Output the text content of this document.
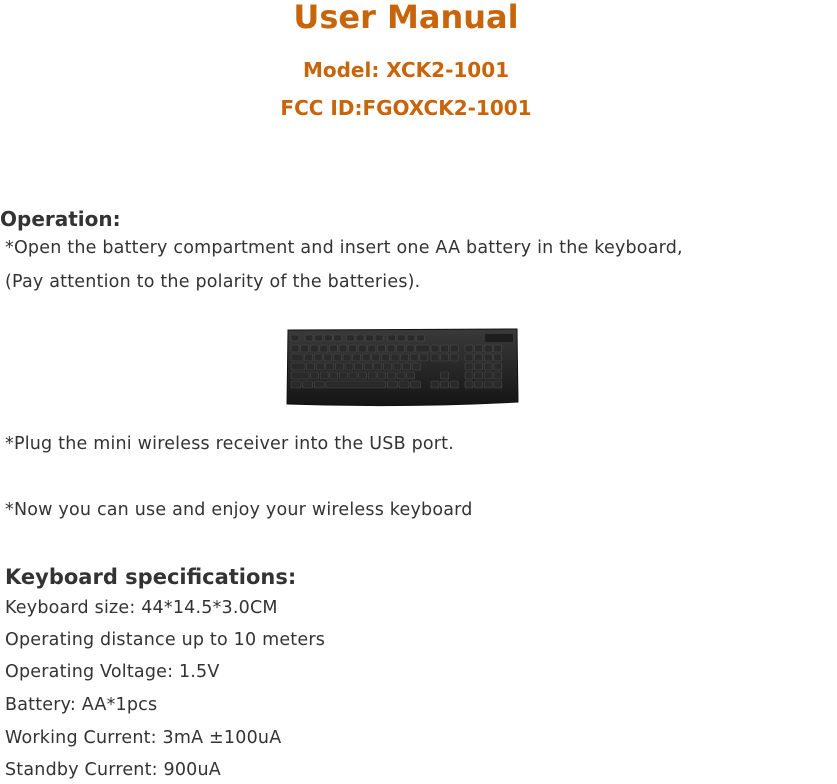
User Manual
Model: XCK2-1001
FCC ID:FGOXCK2-1001
Operation:
*Open the battery compartment and insert one AA battery in the keyboard,
(Pay attention to the polarity of the batteries).
*Plug the mini wireless receiver into the USB port.
*Now you can use and enjoy your wireless keyboard
Keyboard specifications:
Keyboard size: 44*14.5*3.0CM
Operating distance up to 10 meters
Operating Voltage: 1.5V
Battery: AA*1pcs
Working Current: 3mA ±100uA
Standby Current: 900uA
